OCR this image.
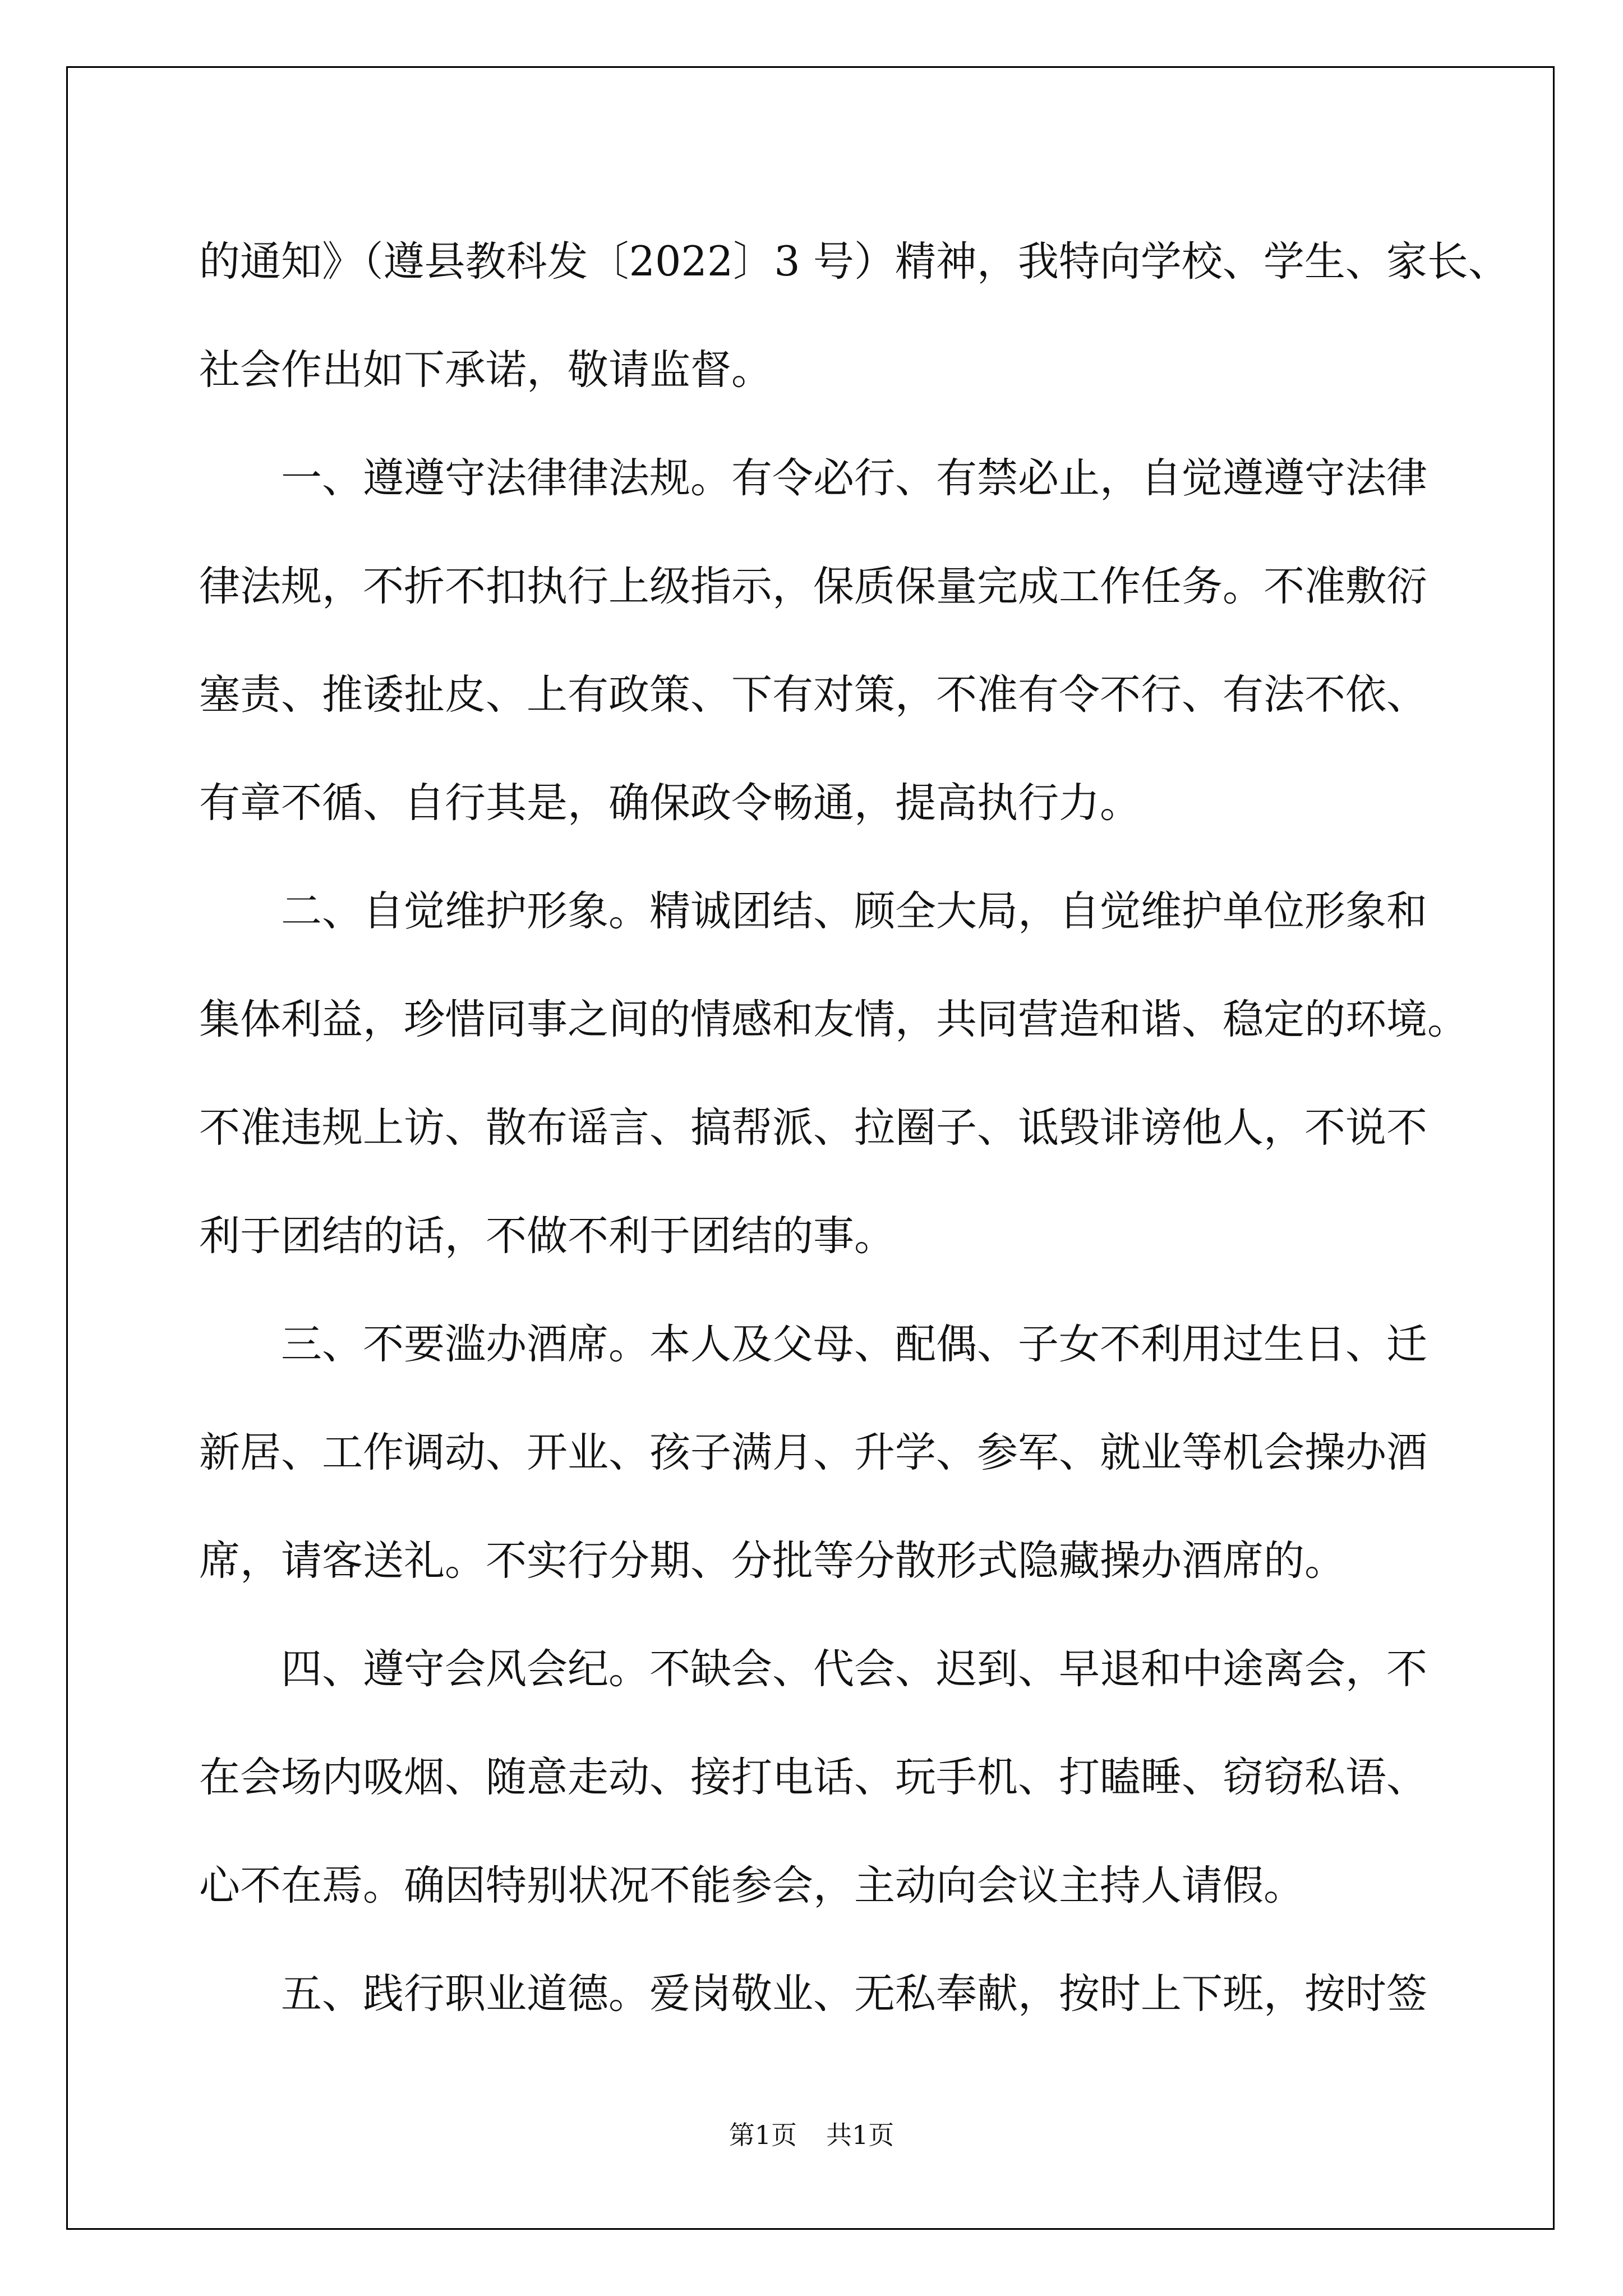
的通知》（遵县教科发〔2022〕3 号）精神，我特向学校、学生、家长、
社会作出如下承诺，敬请监督。
一、遵遵守法律律法规。有令必行、有禁必止，自觉遵遵守法律
律法规，不折不扣执行上级指示，保质保量完成工作任务。不准敷衍
塞责、推诿扯皮、上有政策、下有对策，不准有令不行、有法不依、
有章不循、自行其是，确保政令畅通，提高执行力。
二、自觉维护形象。精诚团结、顾全大局，自觉维护单位形象和
集体利益，珍惜同事之间的情感和友情，共同营造和谐、稳定的环境。
不准违规上访、散布谣言、搞帮派、拉圈子、诋毁诽谤他人，不说不
利于团结的话，不做不利于团结的事。
三、不要滥办酒席。本人及父母、配偶、子女不利用过生日、迁
新居、工作调动、开业、孩子满月、升学、参军、就业等机会操办酒
席，请客送礼。不实行分期、分批等分散形式隐藏操办酒席的。
四、遵守会风会纪。不缺会、代会、迟到、早退和中途离会，不
在会场内吸烟、随意走动、接打电话、玩手机、打瞌睡、窃窃私语、
心不在焉。确因特别状况不能参会，主动向会议主持人请假。
五、践行职业道德。爱岗敬业、无私奉献，按时上下班，按时签
第1页 共1页
